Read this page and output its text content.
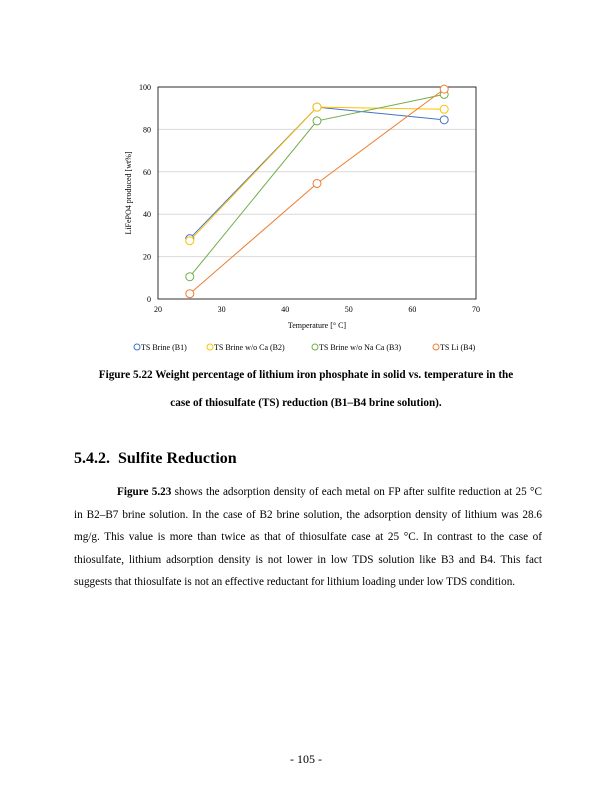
0
20
40
60
80
100
20	30	40	50	60	70
Temperature [° C]
LiFePO4 produced [wt%]
TS Brine (B1)	TS Brine w/o Ca (B2)	TS Brine w/o Na Ca (B3)	TS Li (B4)
Figure 5.22 Weight percentage of lithium iron phosphate in solid vs. temperature in the
case of thiosulfate (TS) reduction (B1–B4 brine solution).
5.4.2. Sulfite Reduction

Figure 5.23 shows the adsorption density of each metal on FP after sulfite reduction at 25 °C in B2–B7 brine solution. In the case of B2 brine solution, the adsorption density of lithium was 28.6 mg/g. This value is more than twice as that of thiosulfate case at 25 °C. In contrast to the case of thiosulfate, lithium adsorption density is not lower in low TDS solution like B3 and B4. This fact suggests that thiosulfate is not an effective reductant for lithium loading under low TDS condition.

- 105 -
